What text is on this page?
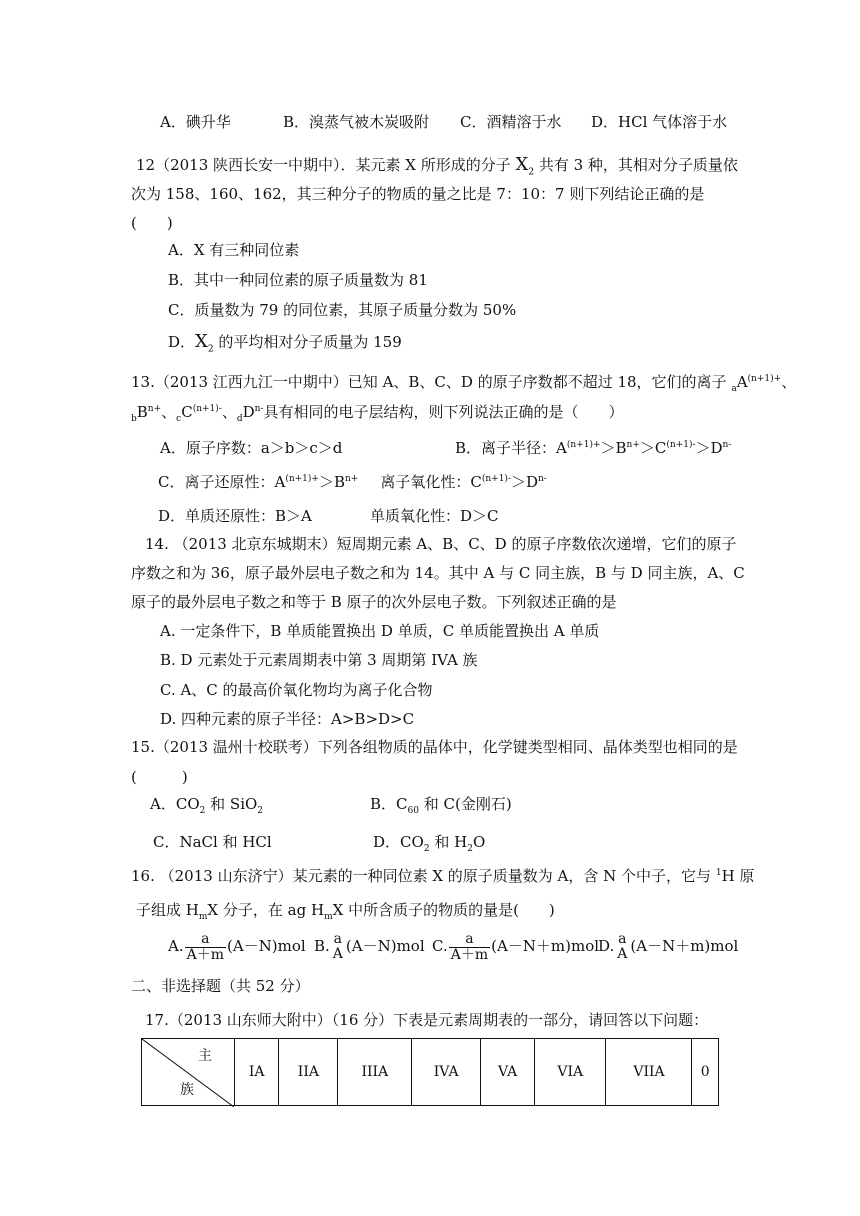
A．碘升华	B．溴蒸气被木炭吸附 C．酒精溶于水 D．HCl 气体溶于水
12（2013 陕西长安一中期中）．某元素 X 所形成的分子 $X_2$ 共有 3 种，其相对分子质量依
次为 158、160、162，其三种分子的物质的量之比是 7：10：7 则下列结论正确的是
(　　)
A．X 有三种同位素
B．其中一种同位素的原子质量数为 81
C．质量数为 79 的同位素，其原子质量分数为 50%
D．$X_2$ 的平均相对分子质量为 159
13.（2013 江西九江一中期中）已知 A、B、C、D 的原子序数都不超过 18，它们的离子 $_aA^{(n+1)+}$、
$_bB^{n+}$、$_cC^{(n+1)-}$、$_dD^{n-}$具有相同的电子层结构，则下列说法正确的是（　　）
A．原子序数：a＞b＞c＞d	B．离子半径：$A^{(n+1)+}>B^{n+}>C^{(n+1)-}>D^{n-}$
C．离子还原性：$A^{(n+1)+}>B^{n+}$ 离子氧化性：$C^{(n+1)-}>D^{n-}$
D．单质还原性：B＞A	单质氧化性：D＞C
14. （2013 北京东城期末）短周期元素 A、B、C、D 的原子序数依次递增，它们的原子
序数之和为 36，原子最外层电子数之和为 14。其中 A 与 C 同主族，B 与 D 同主族，A、C
原子的最外层电子数之和等于 B 原子的次外层电子数。下列叙述正确的是
A. 一定条件下，B 单质能置换出 D 单质，C 单质能置换出 A 单质
B. D 元素处于元素周期表中第 3 周期第 IVA 族
C. A、C 的最高价氧化物均为离子化合物
D. 四种元素的原子半径：A>B>D>C
15.（2013 温州十校联考）下列各组物质的晶体中，化学键类型相同、晶体类型也相同的是
(　　　)
A．$CO_2$ 和 SiO$_2$	B．$C_{60}$ 和 C(金刚石)
C．NaCl 和 HCl	D．$CO_2$ 和 $H_2O$
16. （2013 山东济宁）某元素的一种同位素 X 的原子质量数为 A，含 N 个中子，它与 $^1$H 原
子组成 $H_mX$ 分子，在 ag $H_mX$ 中所含质子的物质的量是(　　)
A. $\frac{a}{A+m} (A-N)mol$ B. a
A (A－N)mol C. $\frac{a}{A+m} (A-N+m)mol$
D. a
A (A－N＋m)mol
二、非选择题（共 52 分）
17.（2013 山东师大附中）（16 分）下表是元素周期表的一部分，请回答以下问题：
主
族
	IA	IIA	IIIA	IVA	VA	VIA	VIIA	0
